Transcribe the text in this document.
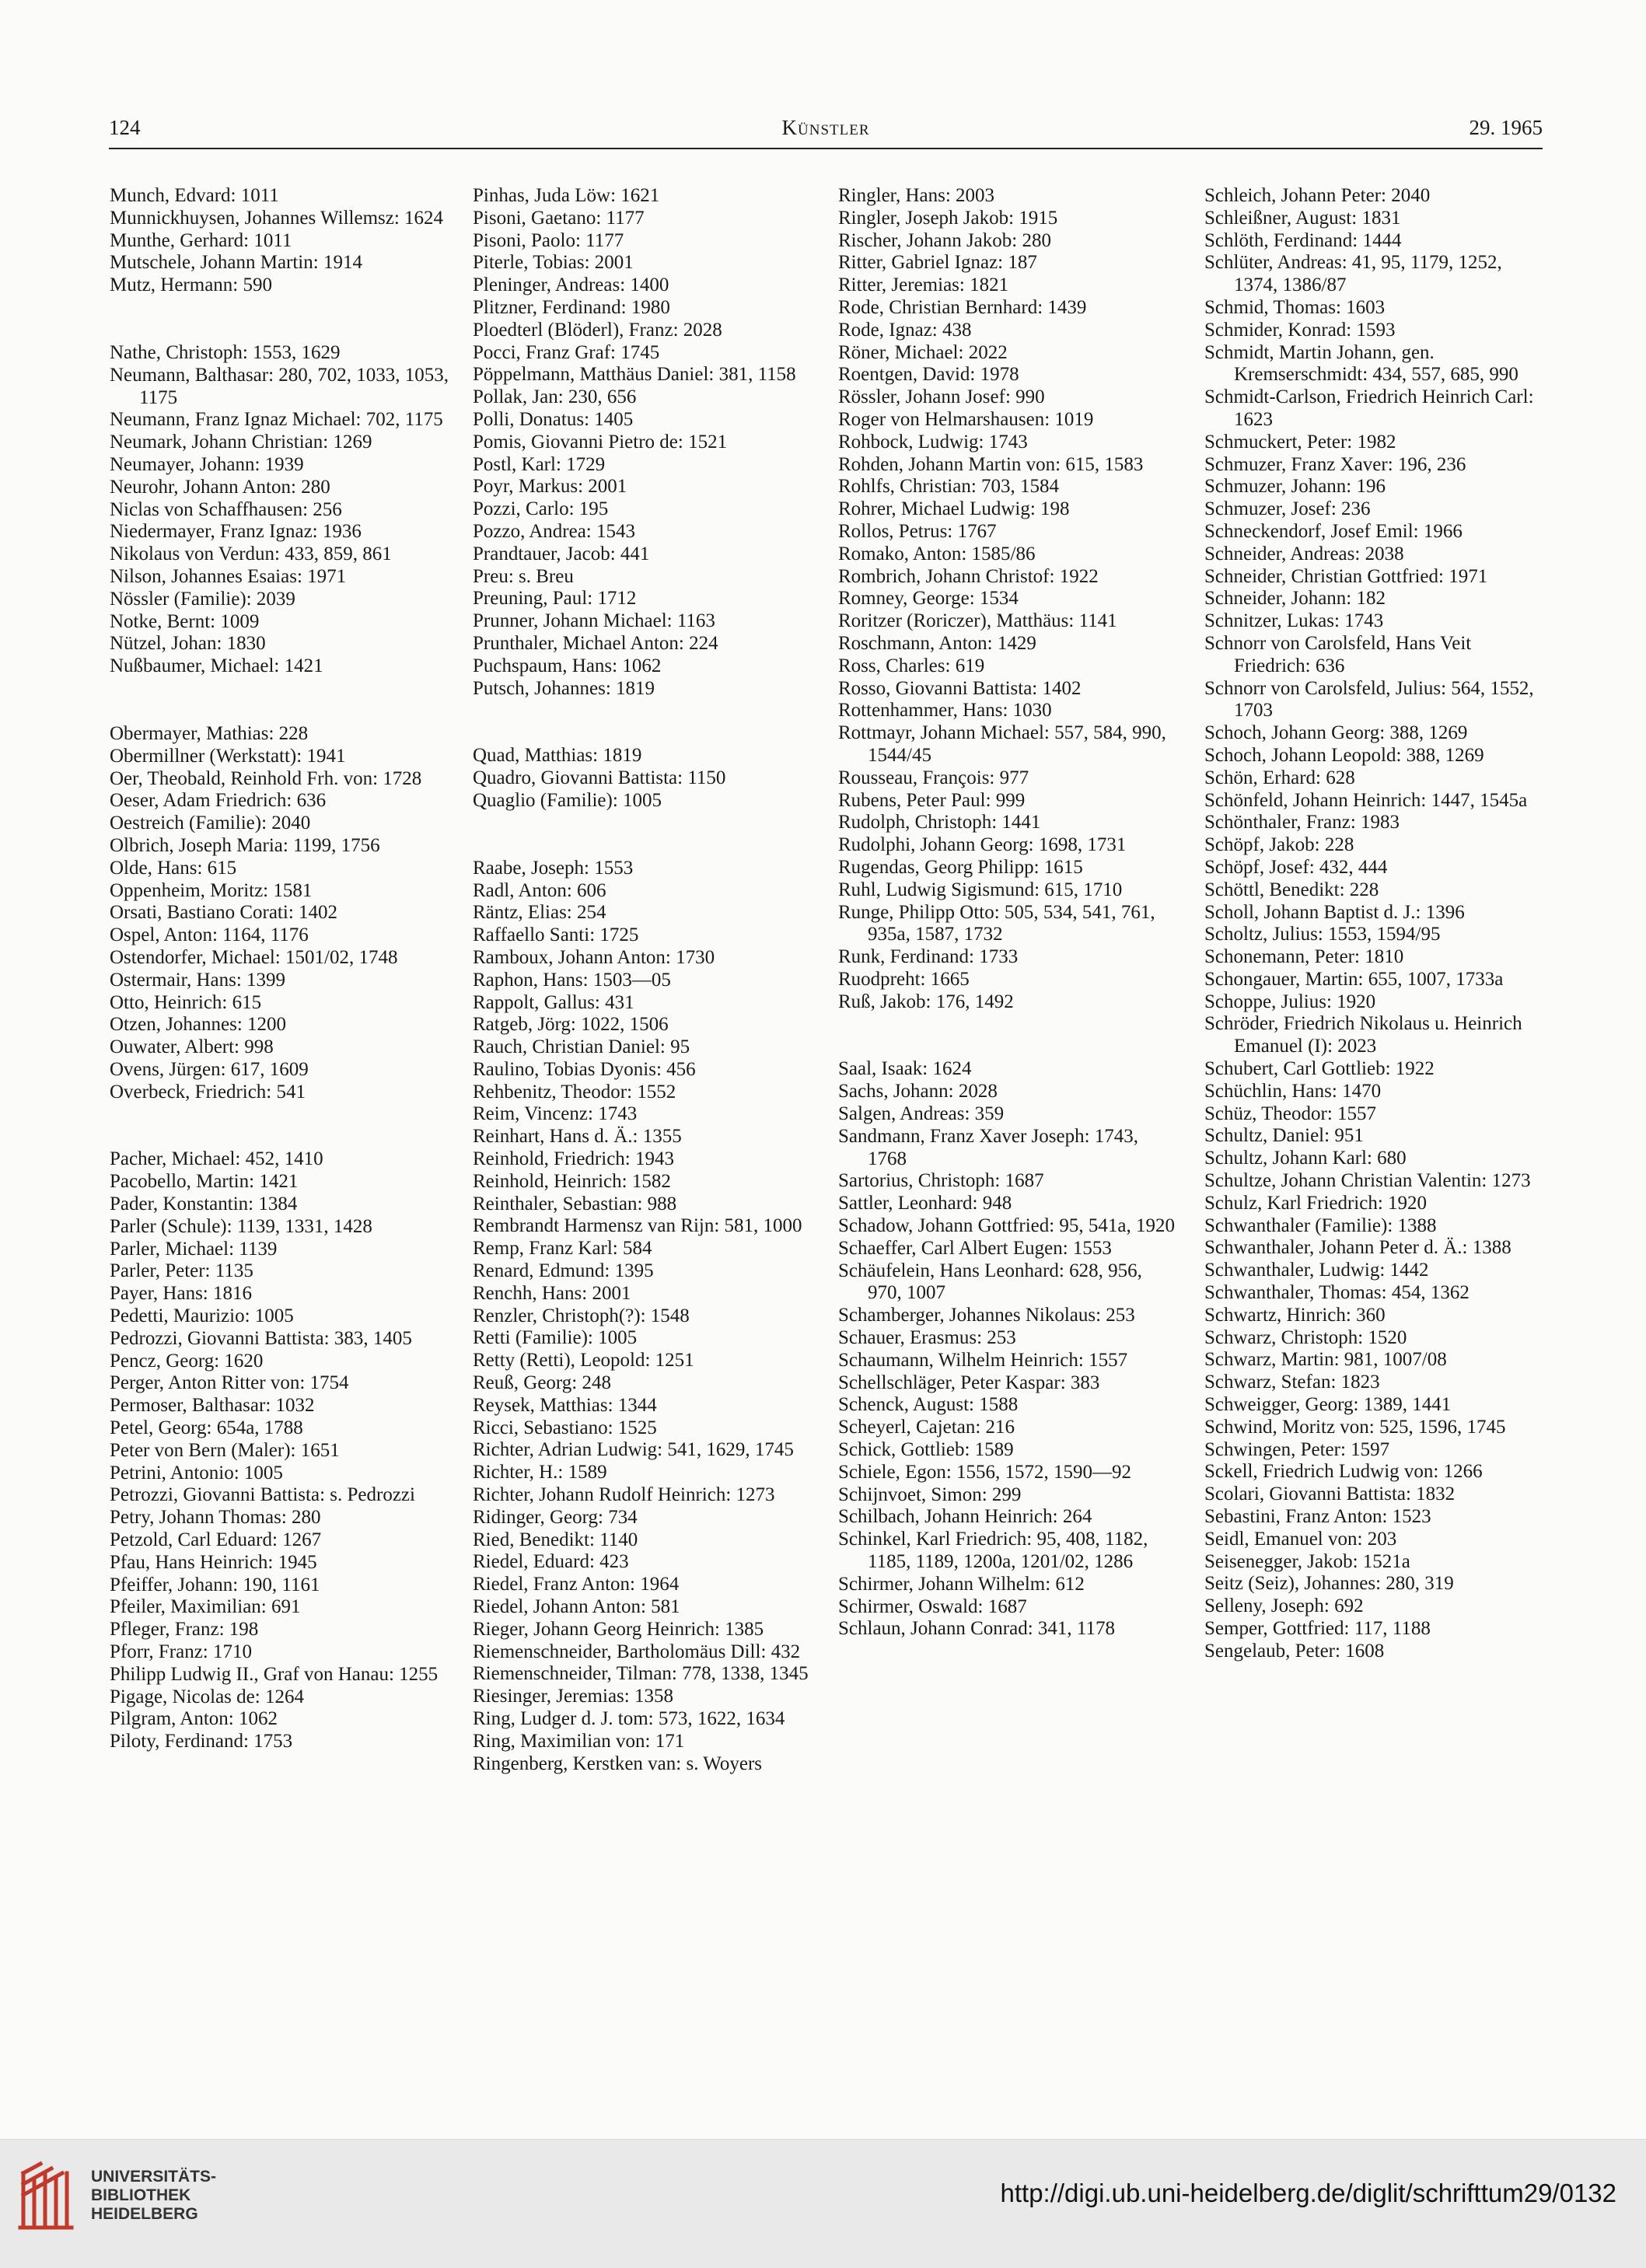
124	Künstler	29. 1965
Munch, Edvard: 1011
Munnickhuysen, Johannes Willemsz: 1624
Munthe, Gerhard: 1011
Mutschele, Johann Martin: 1914
Mutz, Hermann: 590
Nathe, Christoph: 1553, 1629
Neumann, Balthasar: 280, 702, 1033, 1053, 1175
Neumann, Franz Ignaz Michael: 702, 1175
Neumark, Johann Christian: 1269
Neumayer, Johann: 1939
Neurohr, Johann Anton: 280
Niclas von Schaffhausen: 256
Niedermayer, Franz Ignaz: 1936
Nikolaus von Verdun: 433, 859, 861
Nilson, Johannes Esaias: 1971
Nössler (Familie): 2039
Notke, Bernt: 1009
Nützel, Johan: 1830
Nußbaumer, Michael: 1421
Obermayer, Mathias: 228
Obermillner (Werkstatt): 1941
Oer, Theobald, Reinhold Frh. von: 1728
Oeser, Adam Friedrich: 636
Oestreich (Familie): 2040
Olbrich, Joseph Maria: 1199, 1756
Olde, Hans: 615
Oppenheim, Moritz: 1581
Orsati, Bastiano Corati: 1402
Ospel, Anton: 1164, 1176
Ostendorfer, Michael: 1501/02, 1748
Ostermair, Hans: 1399
Otto, Heinrich: 615
Otzen, Johannes: 1200
Ouwater, Albert: 998
Ovens, Jürgen: 617, 1609
Overbeck, Friedrich: 541
Pacher, Michael: 452, 1410
Pacobello, Martin: 1421
Pader, Konstantin: 1384
Parler (Schule): 1139, 1331, 1428
Parler, Michael: 1139
Parler, Peter: 1135
Payer, Hans: 1816
Pedetti, Maurizio: 1005
Pedrozzi, Giovanni Battista: 383, 1405
Pencz, Georg: 1620
Perger, Anton Ritter von: 1754
Permoser, Balthasar: 1032
Petel, Georg: 654a, 1788
Peter von Bern (Maler): 1651
Petrini, Antonio: 1005
Petrozzi, Giovanni Battista: s. Pedrozzi
Petry, Johann Thomas: 280
Petzold, Carl Eduard: 1267
Pfau, Hans Heinrich: 1945
Pfeiffer, Johann: 190, 1161
Pfeiler, Maximilian: 691
Pfleger, Franz: 198
Pforr, Franz: 1710
Philipp Ludwig II., Graf von Hanau: 1255
Pigage, Nicolas de: 1264
Pilgram, Anton: 1062
Piloty, Ferdinand: 1753
Pinhas, Juda Löw: 1621
Pisoni, Gaetano: 1177
Pisoni, Paolo: 1177
Piterle, Tobias: 2001
Pleninger, Andreas: 1400
Plitzner, Ferdinand: 1980
Ploedterl (Blöderl), Franz: 2028
Pocci, Franz Graf: 1745
Pöppelmann, Matthäus Daniel: 381, 1158
Pollak, Jan: 230, 656
Polli, Donatus: 1405
Pomis, Giovanni Pietro de: 1521
Postl, Karl: 1729
Poyr, Markus: 2001
Pozzi, Carlo: 195
Pozzo, Andrea: 1543
Prandtauer, Jacob: 441
Preu: s. Breu
Preuning, Paul: 1712
Prunner, Johann Michael: 1163
Prunthaler, Michael Anton: 224
Puchspaum, Hans: 1062
Putsch, Johannes: 1819
Quad, Matthias: 1819
Quadro, Giovanni Battista: 1150
Quaglio (Familie): 1005
Raabe, Joseph: 1553
Radl, Anton: 606
Räntz, Elias: 254
Raffaello Santi: 1725
Ramboux, Johann Anton: 1730
Raphon, Hans: 1503—05
Rappolt, Gallus: 431
Ratgeb, Jörg: 1022, 1506
Rauch, Christian Daniel: 95
Raulino, Tobias Dyonis: 456
Rehbenitz, Theodor: 1552
Reim, Vincenz: 1743
Reinhart, Hans d. Ä.: 1355
Reinhold, Friedrich: 1943
Reinhold, Heinrich: 1582
Reinthaler, Sebastian: 988
Rembrandt Harmensz van Rijn: 581, 1000
Remp, Franz Karl: 584
Renard, Edmund: 1395
Renchh, Hans: 2001
Renzler, Christoph(?): 1548
Retti (Familie): 1005
Retty (Retti), Leopold: 1251
Reuß, Georg: 248
Reysek, Matthias: 1344
Ricci, Sebastiano: 1525
Richter, Adrian Ludwig: 541, 1629, 1745
Richter, H.: 1589
Richter, Johann Rudolf Heinrich: 1273
Ridinger, Georg: 734
Ried, Benedikt: 1140
Riedel, Eduard: 423
Riedel, Franz Anton: 1964
Riedel, Johann Anton: 581
Rieger, Johann Georg Heinrich: 1385
Riemenschneider, Bartholomäus Dill: 432
Riemenschneider, Tilman: 778, 1338, 1345
Riesinger, Jeremias: 1358
Ring, Ludger d. J. tom: 573, 1622, 1634
Ring, Maximilian von: 171
Ringenberg, Kerstken van: s. Woyers
Ringler, Hans: 2003
Ringler, Joseph Jakob: 1915
Rischer, Johann Jakob: 280
Ritter, Gabriel Ignaz: 187
Ritter, Jeremias: 1821
Rode, Christian Bernhard: 1439
Rode, Ignaz: 438
Röner, Michael: 2022
Roentgen, David: 1978
Rössler, Johann Josef: 990
Roger von Helmarshausen: 1019
Rohbock, Ludwig: 1743
Rohden, Johann Martin von: 615, 1583
Rohlfs, Christian: 703, 1584
Rohrer, Michael Ludwig: 198
Rollos, Petrus: 1767
Romako, Anton: 1585/86
Rombrich, Johann Christof: 1922
Romney, George: 1534
Roritzer (Roriczer), Matthäus: 1141
Roschmann, Anton: 1429
Ross, Charles: 619
Rosso, Giovanni Battista: 1402
Rottenhammer, Hans: 1030
Rottmayr, Johann Michael: 557, 584, 990, 1544/45
Rousseau, François: 977
Rubens, Peter Paul: 999
Rudolph, Christoph: 1441
Rudolphi, Johann Georg: 1698, 1731
Rugendas, Georg Philipp: 1615
Ruhl, Ludwig Sigismund: 615, 1710
Runge, Philipp Otto: 505, 534, 541, 761, 935a, 1587, 1732
Runk, Ferdinand: 1733
Ruodpreht: 1665
Ruß, Jakob: 176, 1492
Saal, Isaak: 1624
Sachs, Johann: 2028
Salgen, Andreas: 359
Sandmann, Franz Xaver Joseph: 1743, 1768
Sartorius, Christoph: 1687
Sattler, Leonhard: 948
Schadow, Johann Gottfried: 95, 541a, 1920
Schaeffer, Carl Albert Eugen: 1553
Schäufelein, Hans Leonhard: 628, 956, 970, 1007
Schamberger, Johannes Nikolaus: 253
Schauer, Erasmus: 253
Schaumann, Wilhelm Heinrich: 1557
Schellschläger, Peter Kaspar: 383
Schenck, August: 1588
Scheyerl, Cajetan: 216
Schick, Gottlieb: 1589
Schiele, Egon: 1556, 1572, 1590—92
Schijnvoet, Simon: 299
Schilbach, Johann Heinrich: 264
Schinkel, Karl Friedrich: 95, 408, 1182, 1185, 1189, 1200a, 1201/02, 1286
Schirmer, Johann Wilhelm: 612
Schirmer, Oswald: 1687
Schlaun, Johann Conrad: 341, 1178
Schleich, Johann Peter: 2040
Schleißner, August: 1831
Schlöth, Ferdinand: 1444
Schlüter, Andreas: 41, 95, 1179, 1252, 1374, 1386/87
Schmid, Thomas: 1603
Schmider, Konrad: 1593
Schmidt, Martin Johann, gen. Kremserschmidt: 434, 557, 685, 990
Schmidt-Carlson, Friedrich Heinrich Carl: 1623
Schmuckert, Peter: 1982
Schmuzer, Franz Xaver: 196, 236
Schmuzer, Johann: 196
Schmuzer, Josef: 236
Schneckendorf, Josef Emil: 1966
Schneider, Andreas: 2038
Schneider, Christian Gottfried: 1971
Schneider, Johann: 182
Schnitzer, Lukas: 1743
Schnorr von Carolsfeld, Hans Veit Friedrich: 636
Schnorr von Carolsfeld, Julius: 564, 1552, 1703
Schoch, Johann Georg: 388, 1269
Schoch, Johann Leopold: 388, 1269
Schön, Erhard: 628
Schönfeld, Johann Heinrich: 1447, 1545a
Schönthaler, Franz: 1983
Schöpf, Jakob: 228
Schöpf, Josef: 432, 444
Schöttl, Benedikt: 228
Scholl, Johann Baptist d. J.: 1396
Scholtz, Julius: 1553, 1594/95
Schonemann, Peter: 1810
Schongauer, Martin: 655, 1007, 1733a
Schoppe, Julius: 1920
Schröder, Friedrich Nikolaus u. Heinrich Emanuel (I): 2023
Schubert, Carl Gottlieb: 1922
Schüchlin, Hans: 1470
Schüz, Theodor: 1557
Schultz, Daniel: 951
Schultz, Johann Karl: 680
Schultze, Johann Christian Valentin: 1273
Schulz, Karl Friedrich: 1920
Schwanthaler (Familie): 1388
Schwanthaler, Johann Peter d. Ä.: 1388
Schwanthaler, Ludwig: 1442
Schwanthaler, Thomas: 454, 1362
Schwartz, Hinrich: 360
Schwarz, Christoph: 1520
Schwarz, Martin: 981, 1007/08
Schwarz, Stefan: 1823
Schweigger, Georg: 1389, 1441
Schwind, Moritz von: 525, 1596, 1745
Schwingen, Peter: 1597
Sckell, Friedrich Ludwig von: 1266
Scolari, Giovanni Battista: 1832
Sebastini, Franz Anton: 1523
Seidl, Emanuel von: 203
Seisenegger, Jakob: 1521a
Seitz (Seiz), Johannes: 280, 319
Selleny, Joseph: 692
Semper, Gottfried: 117, 1188
Sengelaub, Peter: 1608
UNIVERSITÄTS-
BIBLIOTHEK
HEIDELBERG
http://digi.ub.uni-heidelberg.de/diglit/schrifttum29/0132
